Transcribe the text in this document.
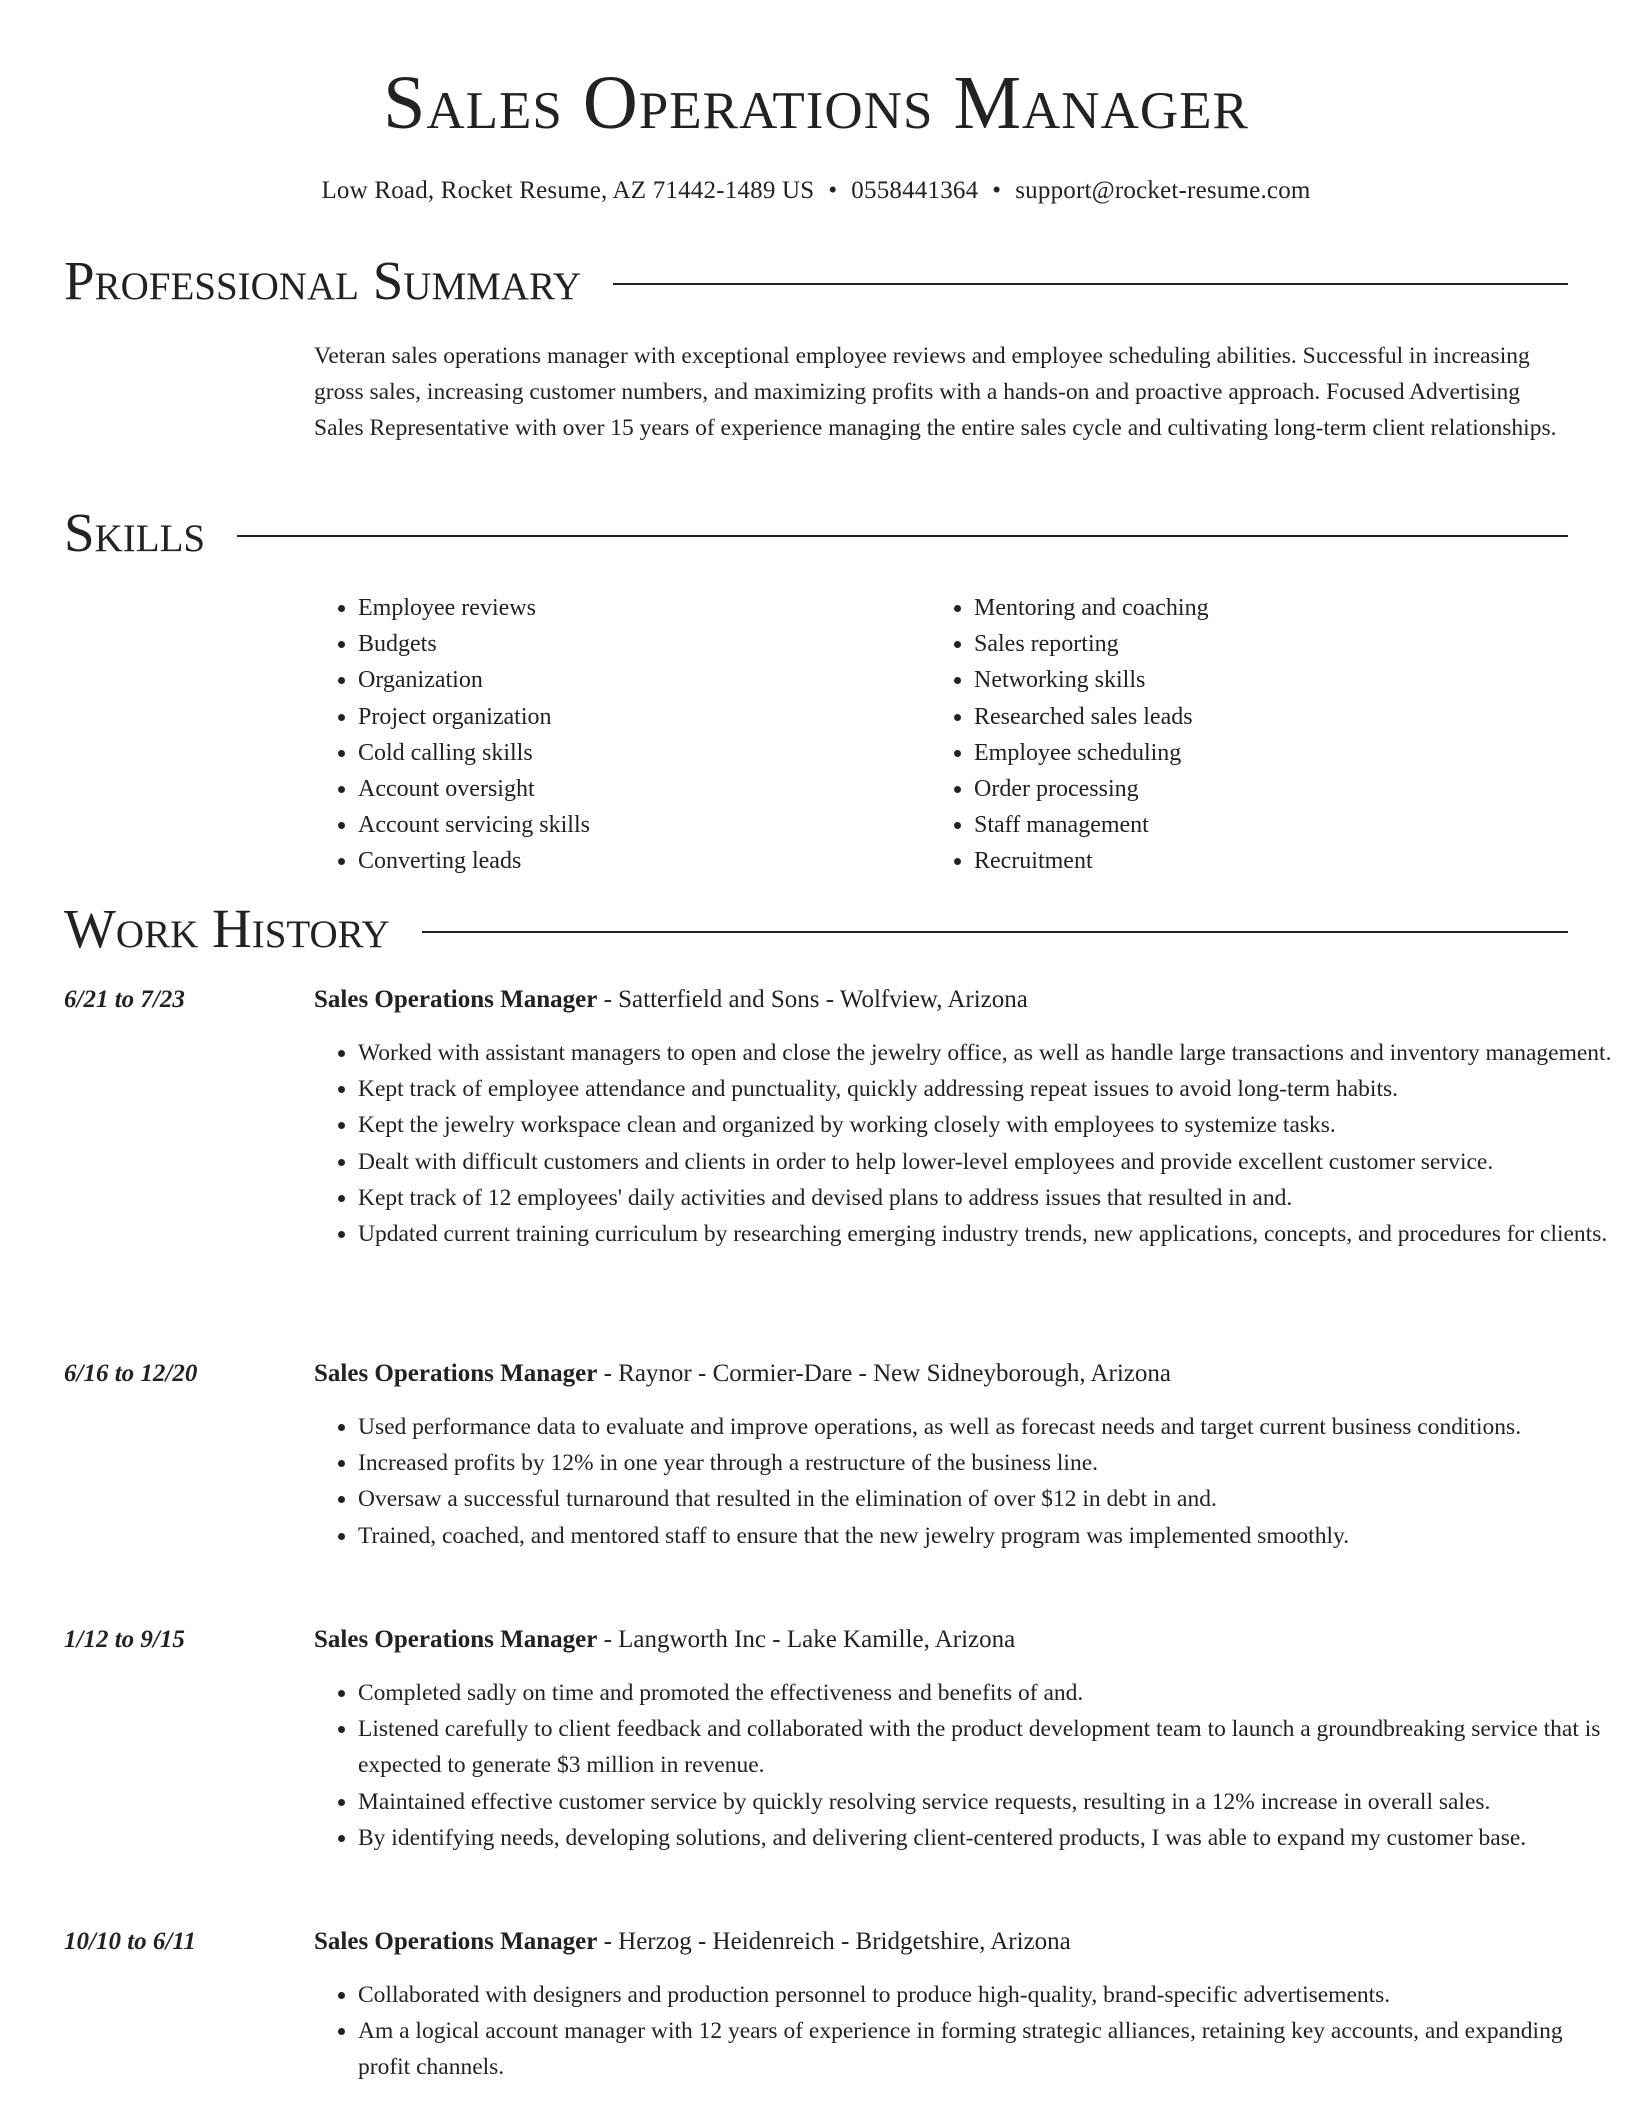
Sales Operations Manager
Low Road, Rocket Resume, AZ 71442-1489 US • 0558441364 • support@rocket-resume.com
Professional Summary
Veteran sales operations manager with exceptional employee reviews and employee scheduling abilities. Successful in increasing gross sales, increasing customer numbers, and maximizing profits with a hands-on and proactive approach. Focused Advertising Sales Representative with over 15 years of experience managing the entire sales cycle and cultivating long-term client relationships.
Skills
• Employee reviews
• Budgets
• Organization
• Project organization
• Cold calling skills
• Account oversight
• Account servicing skills
• Converting leads
• Mentoring and coaching
• Sales reporting
• Networking skills
• Researched sales leads
• Employee scheduling
• Order processing
• Staff management
• Recruitment
Work History
6/21 to 7/23	Sales Operations Manager - Satterfield and Sons - Wolfview, Arizona
• Worked with assistant managers to open and close the jewelry office, as well as handle large transactions and inventory management.
• Kept track of employee attendance and punctuality, quickly addressing repeat issues to avoid long-term habits.
• Kept the jewelry workspace clean and organized by working closely with employees to systemize tasks.
• Dealt with difficult customers and clients in order to help lower-level employees and provide excellent customer service.
• Kept track of 12 employees' daily activities and devised plans to address issues that resulted in and.
• Updated current training curriculum by researching emerging industry trends, new applications, concepts, and procedures for clients.
6/16 to 12/20	Sales Operations Manager - Raynor - Cormier-Dare - New Sidneyborough, Arizona
• Used performance data to evaluate and improve operations, as well as forecast needs and target current business conditions.
• Increased profits by 12% in one year through a restructure of the business line.
• Oversaw a successful turnaround that resulted in the elimination of over $12 in debt in and.
• Trained, coached, and mentored staff to ensure that the new jewelry program was implemented smoothly.
1/12 to 9/15	Sales Operations Manager - Langworth Inc - Lake Kamille, Arizona
• Completed sadly on time and promoted the effectiveness and benefits of and.
• Listened carefully to client feedback and collaborated with the product development team to launch a groundbreaking service that is expected to generate $3 million in revenue.
• Maintained effective customer service by quickly resolving service requests, resulting in a 12% increase in overall sales.
• By identifying needs, developing solutions, and delivering client-centered products, I was able to expand my customer base.
10/10 to 6/11	Sales Operations Manager - Herzog - Heidenreich - Bridgetshire, Arizona
• Collaborated with designers and production personnel to produce high-quality, brand-specific advertisements.
• Am a logical account manager with 12 years of experience in forming strategic alliances, retaining key accounts, and expanding profit channels.
